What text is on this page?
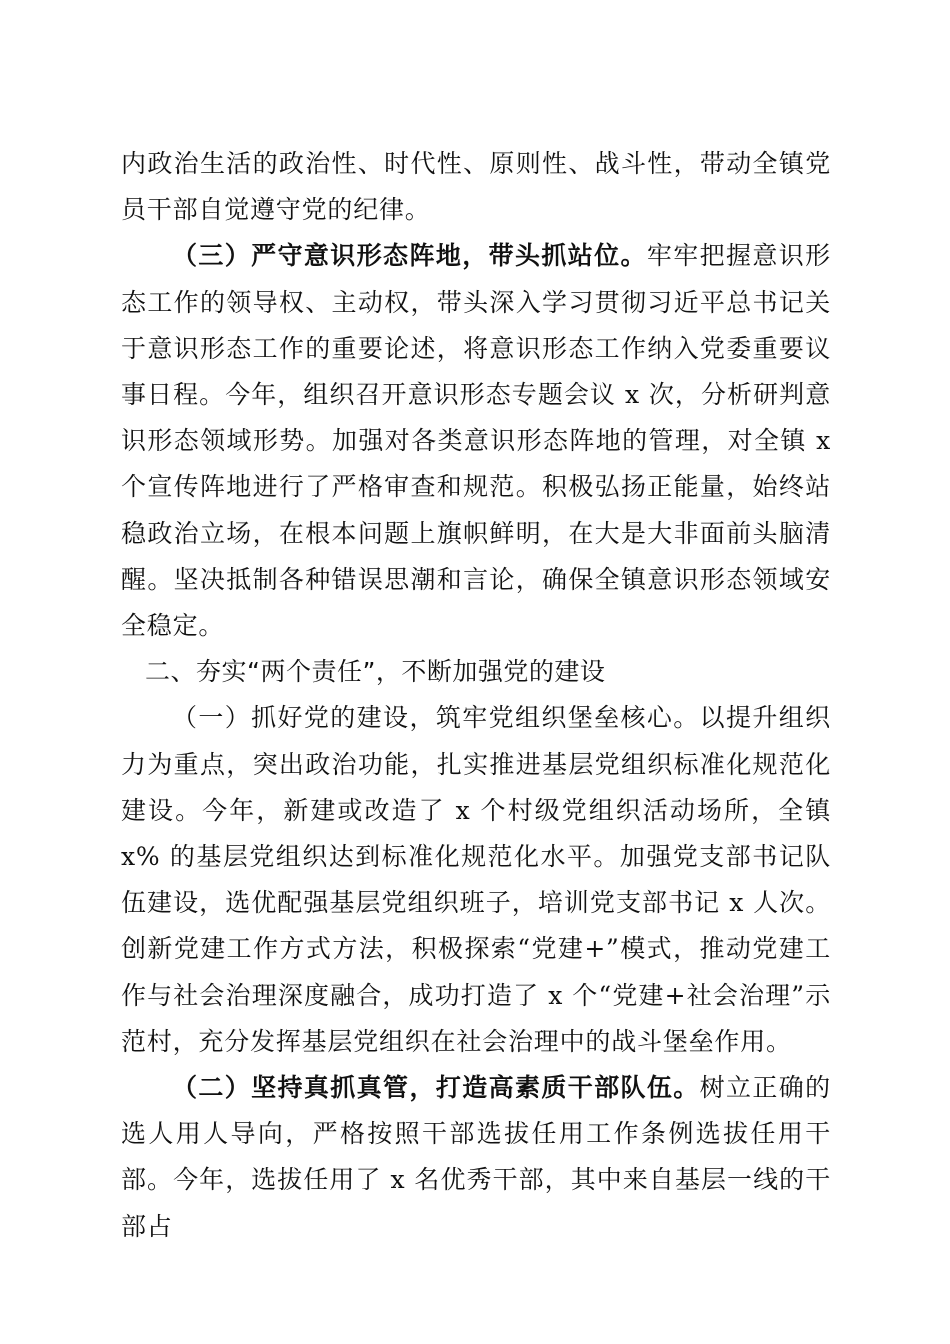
内政治生活的政治性、时代性、原则性、战斗性，带动全镇党员干部自觉遵守党的纪律。

（三）严守意识形态阵地，带头抓站位。牢牢把握意识形态工作的领导权、主动权，带头深入学习贯彻习近平总书记关于意识形态工作的重要论述，将意识形态工作纳入党委重要议事日程。今年，组织召开意识形态专题会议 x 次，分析研判意识形态领域形势。加强对各类意识形态阵地的管理，对全镇 x 个宣传阵地进行了严格审查和规范。积极弘扬正能量，始终站稳政治立场，在根本问题上旗帜鲜明，在大是大非面前头脑清醒。坚决抵制各种错误思潮和言论，确保全镇意识形态领域安全稳定。

二、夯实“两个责任”，不断加强党的建设

（一）抓好党的建设，筑牢党组织堡垒核心。以提升组织力为重点，突出政治功能，扎实推进基层党组织标准化规范化建设。今年，新建或改造了 x 个村级党组织活动场所，全镇 x% 的基层党组织达到标准化规范化水平。加强党支部书记队伍建设，选优配强基层党组织班子，培训党支部书记 x 人次。创新党建工作方式方法，积极探索“党建+”模式，推动党建工作与社会治理深度融合，成功打造了 x 个“党建+社会治理”示范村，充分发挥基层党组织在社会治理中的战斗堡垒作用。

（二）坚持真抓真管，打造高素质干部队伍。树立正确的选人用人导向，严格按照干部选拔任用工作条例选拔任用干部。今年，选拔任用了 x 名优秀干部，其中来自基层一线的干部占
